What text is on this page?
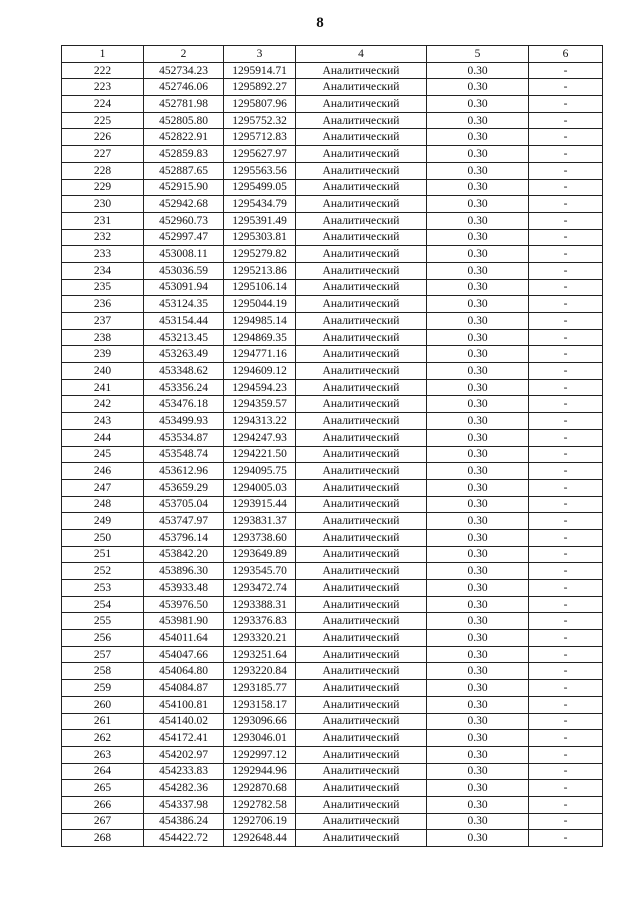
8
1	2	3	4	5	6
222	452734.23	1295914.71	Аналитический	0.30	-
223	452746.06	1295892.27	Аналитический	0.30	-
224	452781.98	1295807.96	Аналитический	0.30	-
225	452805.80	1295752.32	Аналитический	0.30	-
226	452822.91	1295712.83	Аналитический	0.30	-
227	452859.83	1295627.97	Аналитический	0.30	-
228	452887.65	1295563.56	Аналитический	0.30	-
229	452915.90	1295499.05	Аналитический	0.30	-
230	452942.68	1295434.79	Аналитический	0.30	-
231	452960.73	1295391.49	Аналитический	0.30	-
232	452997.47	1295303.81	Аналитический	0.30	-
233	453008.11	1295279.82	Аналитический	0.30	-
234	453036.59	1295213.86	Аналитический	0.30	-
235	453091.94	1295106.14	Аналитический	0.30	-
236	453124.35	1295044.19	Аналитический	0.30	-
237	453154.44	1294985.14	Аналитический	0.30	-
238	453213.45	1294869.35	Аналитический	0.30	-
239	453263.49	1294771.16	Аналитический	0.30	-
240	453348.62	1294609.12	Аналитический	0.30	-
241	453356.24	1294594.23	Аналитический	0.30	-
242	453476.18	1294359.57	Аналитический	0.30	-
243	453499.93	1294313.22	Аналитический	0.30	-
244	453534.87	1294247.93	Аналитический	0.30	-
245	453548.74	1294221.50	Аналитический	0.30	-
246	453612.96	1294095.75	Аналитический	0.30	-
247	453659.29	1294005.03	Аналитический	0.30	-
248	453705.04	1293915.44	Аналитический	0.30	-
249	453747.97	1293831.37	Аналитический	0.30	-
250	453796.14	1293738.60	Аналитический	0.30	-
251	453842.20	1293649.89	Аналитический	0.30	-
252	453896.30	1293545.70	Аналитический	0.30	-
253	453933.48	1293472.74	Аналитический	0.30	-
254	453976.50	1293388.31	Аналитический	0.30	-
255	453981.90	1293376.83	Аналитический	0.30	-
256	454011.64	1293320.21	Аналитический	0.30	-
257	454047.66	1293251.64	Аналитический	0.30	-
258	454064.80	1293220.84	Аналитический	0.30	-
259	454084.87	1293185.77	Аналитический	0.30	-
260	454100.81	1293158.17	Аналитический	0.30	-
261	454140.02	1293096.66	Аналитический	0.30	-
262	454172.41	1293046.01	Аналитический	0.30	-
263	454202.97	1292997.12	Аналитический	0.30	-
264	454233.83	1292944.96	Аналитический	0.30	-
265	454282.36	1292870.68	Аналитический	0.30	-
266	454337.98	1292782.58	Аналитический	0.30	-
267	454386.24	1292706.19	Аналитический	0.30	-
268	454422.72	1292648.44	Аналитический	0.30	-
